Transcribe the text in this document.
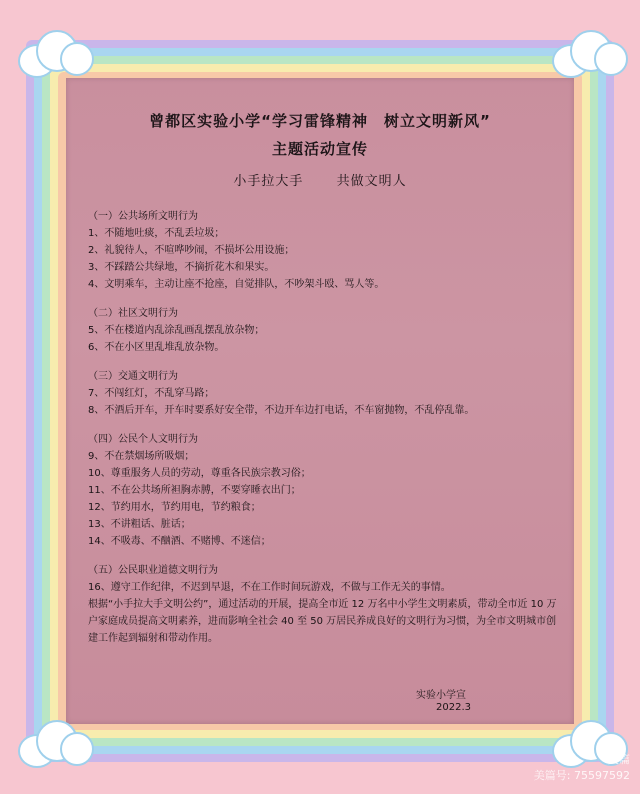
曾都区实验小学“学习雷锋精神　树立文明新风”
主题活动宣传
小手拉大手	共做文明人
（一）公共场所文明行为
1、不随地吐痰，不乱丢垃圾；
2、礼貌待人，不喧哗吵闹，不损坏公用设施；
3、不踩踏公共绿地，不摘折花木和果实。
4、文明乘车，主动让座不抢座，自觉排队，不吵架斗殴、骂人等。
（二）社区文明行为
5、不在楼道内乱涂乱画乱摆乱放杂物；
6、不在小区里乱堆乱放杂物。
（三）交通文明行为
7、不闯红灯，不乱穿马路；
8、不酒后开车，开车时要系好安全带，不边开车边打电话，不车窗抛物，不乱停乱靠。
（四）公民个人文明行为
9、不在禁烟场所吸烟；
10、尊重服务人员的劳动，尊重各民族宗教习俗；
11、不在公共场所袒胸赤膊，不要穿睡衣出门；
12、节约用水，节约用电，节约粮食；
13、不讲粗话、脏话；
14、不吸毒、不酗酒、不赌博、不迷信；
（五）公民职业道德文明行为
16、遵守工作纪律，不迟到早退，不在工作时间玩游戏，不做与工作无关的事情。
根据“小手拉大手文明公约”，通过活动的开展，提高全市近 12 万名中小学生文明素质，带动全市近 10 万户家庭成员提高文明素养，进而影响全社会 40 至 50 万居民养成良好的文明行为习惯，为全市文明城市创建工作起到辐射和带动作用。
实验小学宣
2022.3
美篇
美篇号: 75597592
